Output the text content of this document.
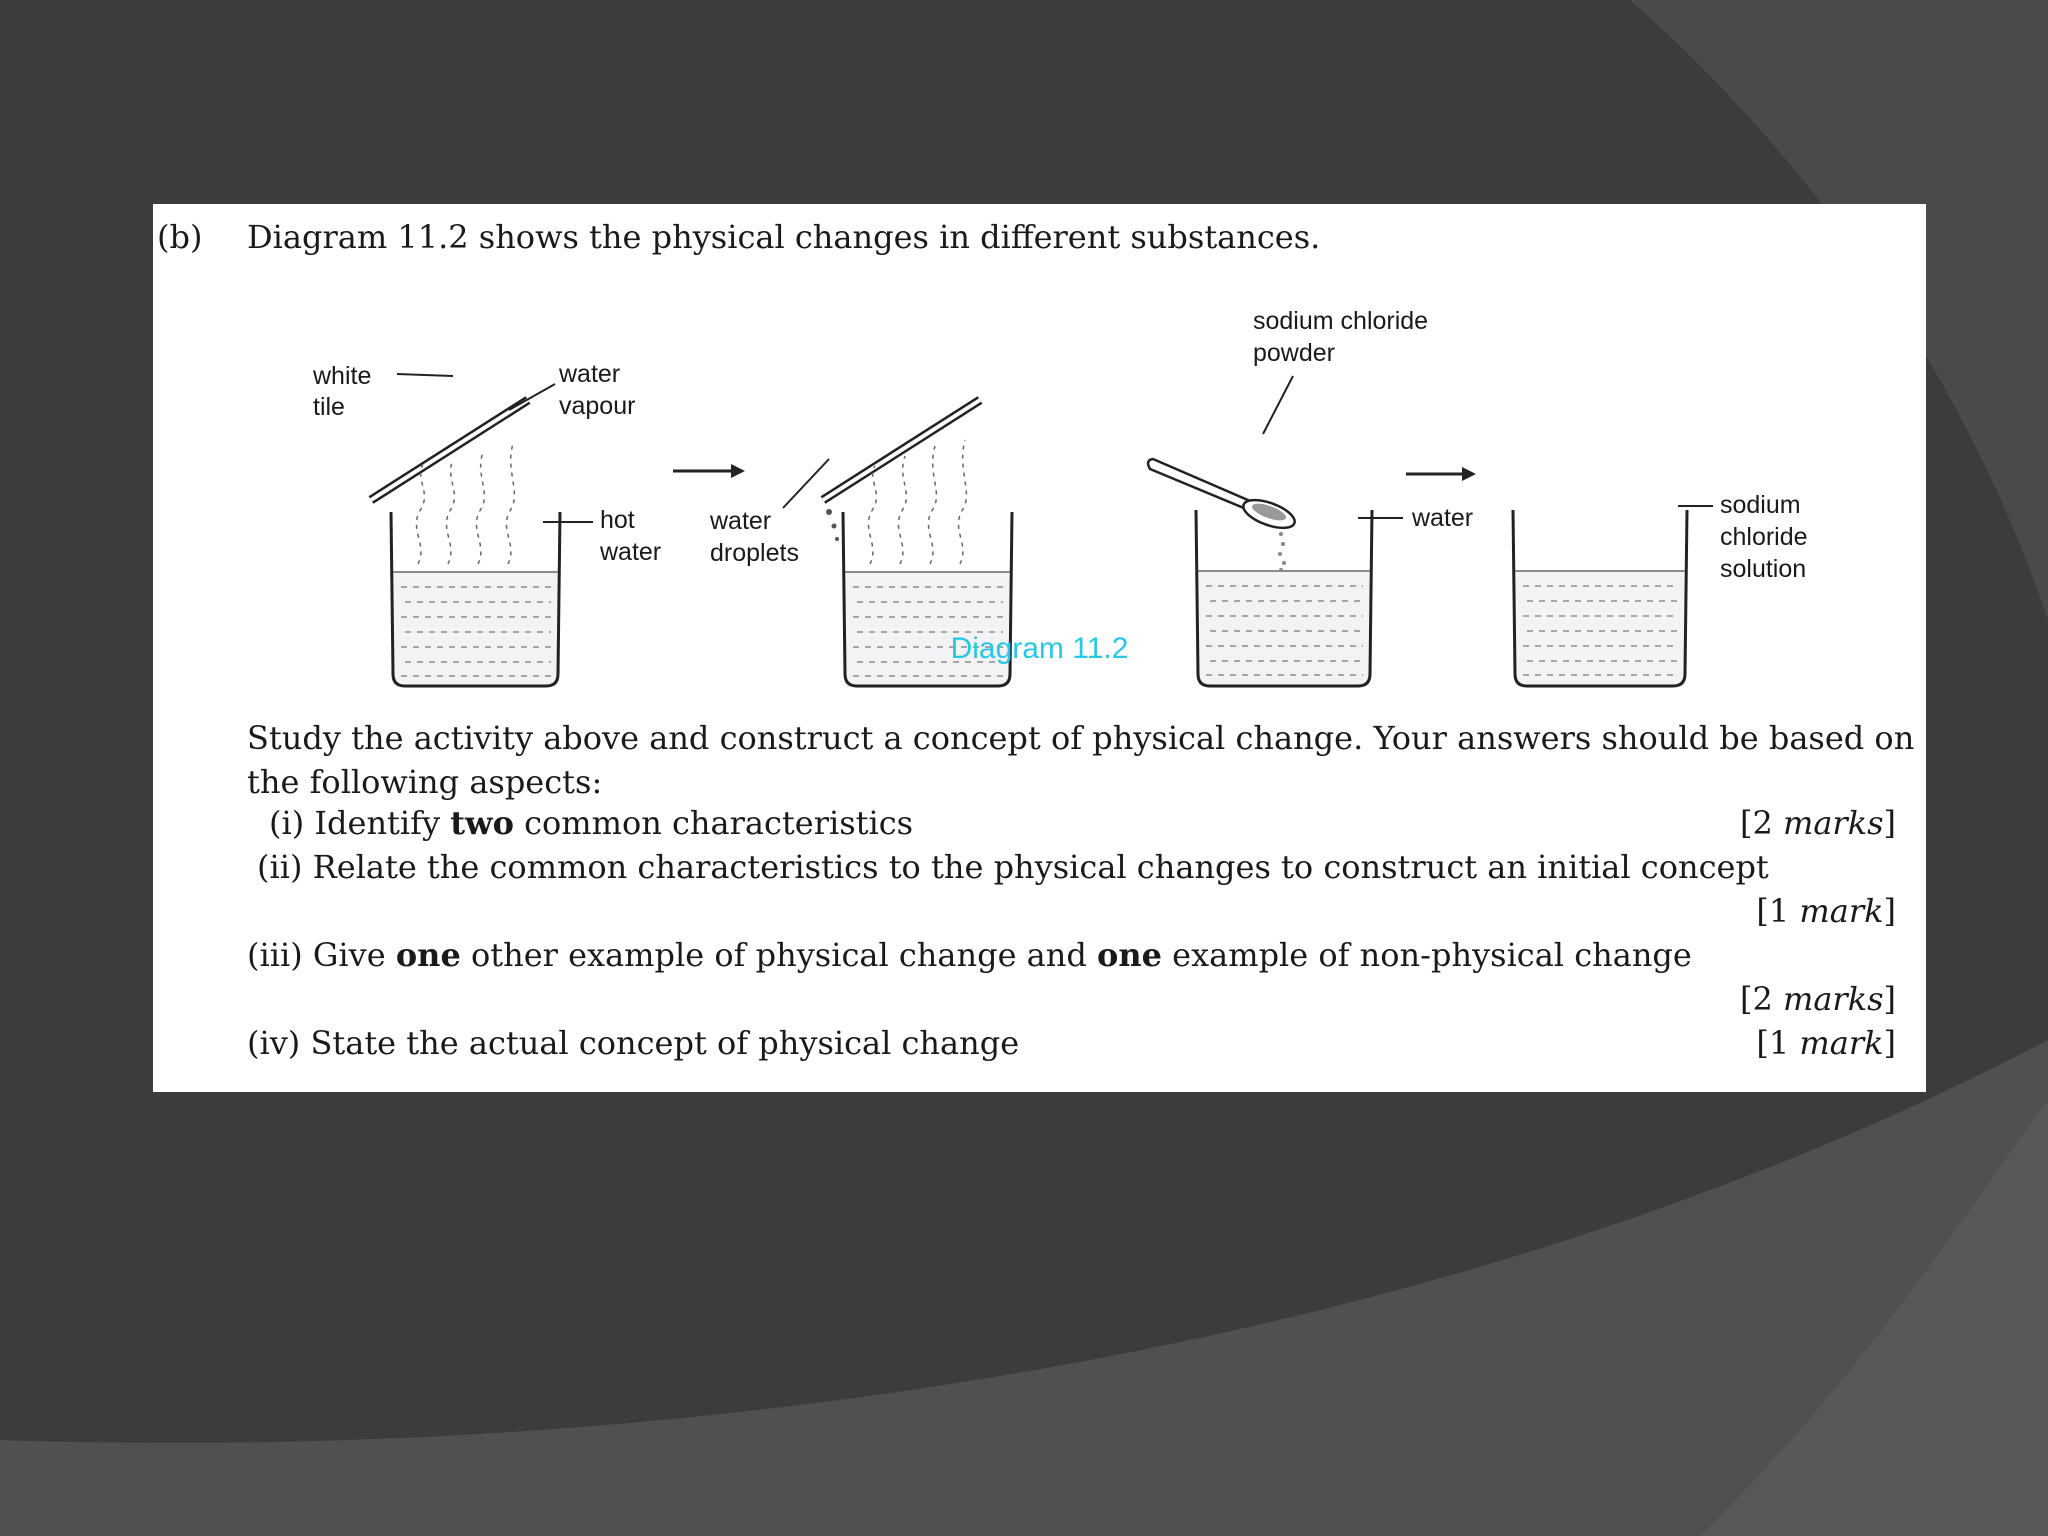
(b) Diagram 11.2 shows the physical changes in different substances.
white
tile
water
vapour
hot
water
water
droplets
sodium chloride
powder
water	sodium
chloride
solution
Diagram 11.2
Study the activity above and construct a concept of physical change. Your answers should be based on the following aspects:
(i) Identify two common characteristics	[2 marks]
(ii) Relate the common characteristics to the physical changes to construct an initial concept
[1 mark]
(iii) Give one other example of physical change and one example of non-physical change
[2 marks]
(iv) State the actual concept of physical change	[1 mark]
